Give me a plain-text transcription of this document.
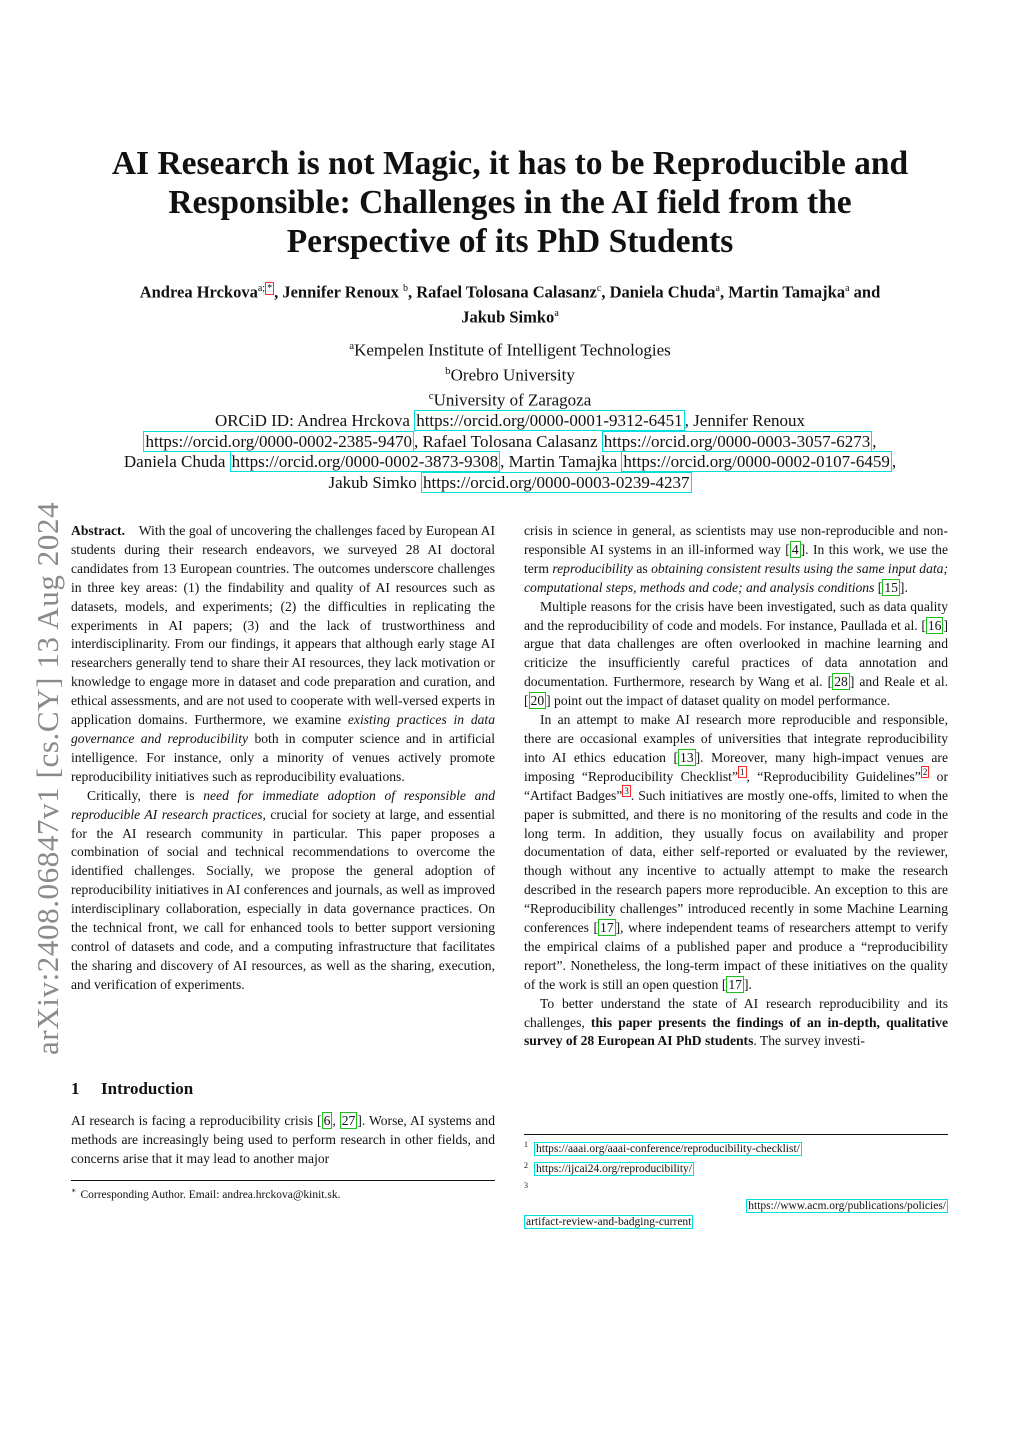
arXiv:2408.06847v1 [cs.CY] 13 Aug 2024
AI Research is not Magic, it has to be Reproducible and
Responsible: Challenges in the AI field from the
Perspective of its PhD Students
Andrea Hrckova$^{a; *}$ , Jennifer Renoux $^b$, Rafael Tolosana Calasanz$^c$, Daniela Chuda$^a$, Martin Tamajka$^a$ and
Jakub Simko$^a$
$^a$Kempelen Institute of Intelligent Technologies
$^b$Orebro University
$^c$University of Zaragoza
ORCiD ID: Andrea Hrckova https://orcid.org/0000-0001-9312-6451 , Jennifer Renoux
https://orcid.org/0000-0002-2385-9470 , Rafael Tolosana Calasanz https://orcid.org/0000-0003-3057-6273 ,
Daniela Chuda https://orcid.org/0000-0002-3873-9308 , Martin Tamajka https://orcid.org/0000-0002-0107-6459 ,
Jakub Simko https://orcid.org/0000-0003-0239-4237

Abstract. With the goal of uncovering the challenges faced by European AI students during their research endeavors, we surveyed 28 AI doctoral candidates from 13 European countries. The outcomes underscore challenges in three key areas: (1) the findability and quality of AI resources such as datasets, models, and experiments; (2) the difficulties in replicating the experiments in AI papers; (3) and the lack of trustworthiness and interdisciplinarity. From our findings, it appears that although early stage AI researchers generally tend to share their AI resources, they lack motivation or knowledge to engage more in dataset and code preparation and curation, and ethical assessments, and are not used to cooperate with well-versed experts in application domains. Furthermore, we examine existing practices in data governance and reproducibility both in computer science and in artificial intelligence. For instance, only a minority of venues actively promote reproducibility initiatives such as reproducibility evaluations.

Critically, there is need for immediate adoption of responsible and reproducible AI research practices, crucial for society at large, and essential for the AI research community in particular. This paper proposes a combination of social and technical recommendations to overcome the identified challenges. Socially, we propose the general adoption of reproducibility initiatives in AI conferences and journals, as well as improved interdisciplinary collaboration, especially in data governance practices. On the technical front, we call for enhanced tools to better support versioning control of datasets and code, and a computing infrastructure that facilitates the sharing and discovery of AI resources, as well as the sharing, execution, and verification of experiments.

1 Introduction
AI research is facing a reproducibility crisis [ 6 , 27 ]. Worse, AI systems and methods are increasingly being used to perform research in other fields, and concerns arise that it may lead to another major
∗ Corresponding Author. Email: andrea.hrckova@kinit.sk.

crisis in science in general, as scientists may use non-reproducible and non-responsible AI systems in an ill-informed way [ 4 ]. In this work, we use the term reproducibility as obtaining consistent results using the same input data; computational steps, methods and code; and analysis conditions [ 15 ].

Multiple reasons for the crisis have been investigated, such as data quality and the reproducibility of code and models. For instance, Paullada et al. [ 16 ] argue that data challenges are often overlooked in machine learning and criticize the insufficiently careful practices of data annotation and documentation. Furthermore, research by Wang et al. [ 28 ] and Reale et al. [ 20 ] point out the impact of dataset quality on model performance.

In an attempt to make AI research more reproducible and responsible, there are occasional examples of universities that integrate reproducibility into AI ethics education [ 13 ]. Moreover, many high-impact venues are imposing “Reproducibility Checklist” $^1$ , “Reproducibility Guidelines” $^2$ or “Artifact Badges” $^3$ . Such initiatives are mostly one-offs, limited to when the paper is submitted, and there is no monitoring of the results and code in the long term. In addition, they usually focus on availability and proper documentation of data, either self-reported or evaluated by the reviewer, though without any incentive to actually attempt to make the research described in the research papers more reproducible. An exception to this are “Reproducibility challenges” introduced recently in some Machine Learning conferences [ 17 ], where independent teams of researchers attempt to verify the empirical claims of a published paper and produce a “reproducibility report”. Nonetheless, the long-term impact of these initiatives on the quality of the work is still an open question [ 17 ].

To better understand the state of AI research reproducibility and its challenges, this paper presents the findings of an in-depth, qualitative survey of 28 European AI PhD students. The survey investi-

$^1$ https://aaai.org/aaai-conference/reproducibility-checklist/
$^2$ https://ijcai24.org/reproducibility/
$^3$
https://www.acm.org/publications/policies/
artifact-review-and-badging-current
